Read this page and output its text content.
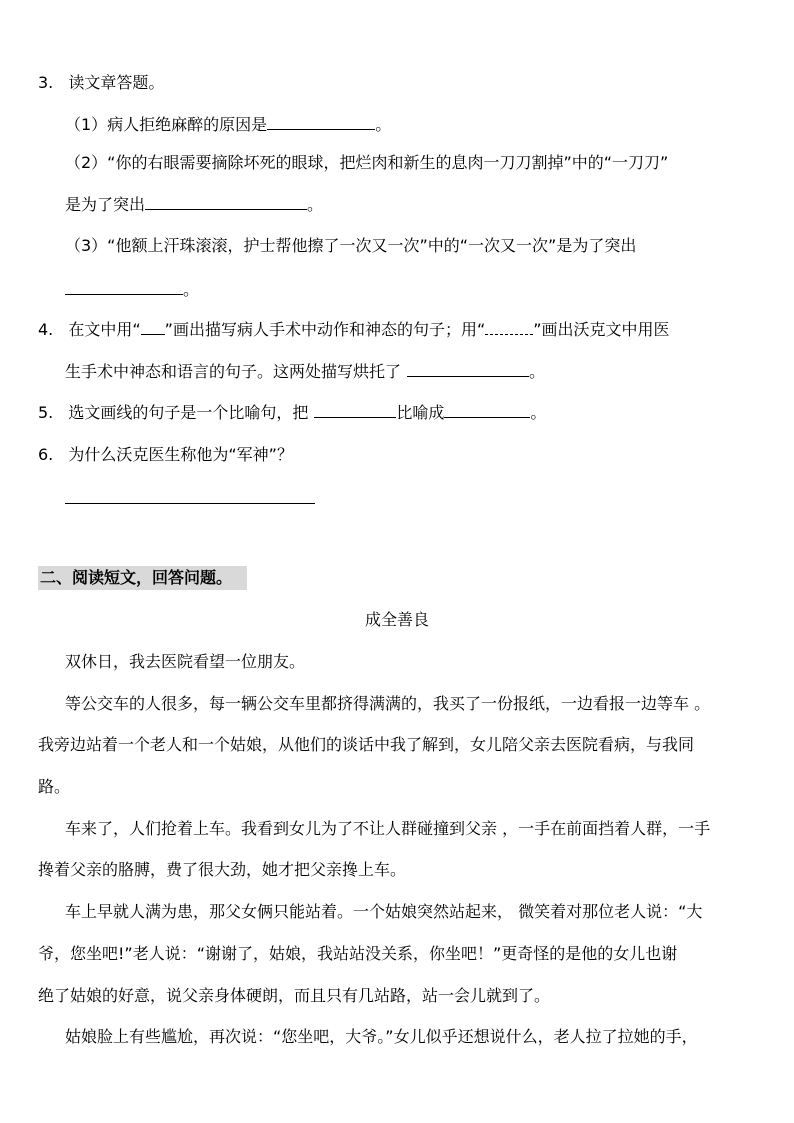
3. 读文章答题。
（1）病人拒绝麻醉的原因是	。
（2）“你的右眼需要摘除坏死的眼球，把烂肉和新生的息肉一刀刀割掉”中的“一刀刀”
是为了突出	。
（3）“他额上汗珠滚滚，护士帮他擦了一次又一次”中的“一次又一次”是为了突出
。
4. 在文中用“ ”画出描写病人手术中动作和神态的句子；用“	”画出沃克文中用医
生手术中神态和语言的句子。这两处描写烘托了	。
5. 选文画线的句子是一个比喻句，把	比喻成	。
6. 为什么沃克医生称他为“军神”？
二、阅读短文，回答问题。
成全善良
双休日，我去医院看望一位朋友。
等公交车的人很多，每一辆公交车里都挤得满满的，我买了一份报纸，一边看报一边等车 。
我旁边站着一个老人和一个姑娘，从他们的谈话中我了解到，女儿陪父亲去医院看病，与我同
路。
车来了，人们抢着上车。我看到女儿为了不让人群碰撞到父亲 ，一手在前面挡着人群，一手
搀着父亲的胳膊，费了很大劲，她才把父亲搀上车。
车上早就人满为患，那父女俩只能站着。一个姑娘突然站起来， 微笑着对那位老人说：“大
爷，您坐吧!”老人说：“谢谢了，姑娘，我站站没关系，你坐吧！”更奇怪的是他的女儿也谢
绝了姑娘的好意，说父亲身体硬朗，而且只有几站路，站一会儿就到了。
姑娘脸上有些尴尬，再次说：“您坐吧，大爷。”女儿似乎还想说什么，老人拉了拉她的手，
